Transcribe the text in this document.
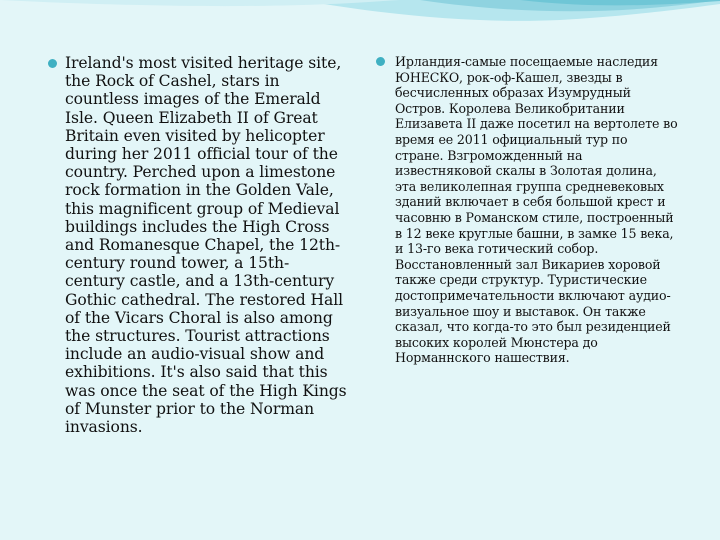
Ireland's most visited heritage site, the Rock of Cashel, stars in countless images of the Emerald Isle. Queen Elizabeth II of Great Britain even visited by helicopter during her 2011 official tour of the country. Perched upon a limestone rock formation in the Golden Vale, this magnificent group of Medieval buildings includes the High Cross and Romanesque Chapel, the 12th-century round tower, a 15th-century castle, and a 13th-century Gothic cathedral. The restored Hall of the Vicars Choral is also among the structures. Tourist attractions include an audio-visual show and exhibitions. It's also said that this was once the seat of the High Kings of Munster prior to the Norman invasions.
Ирландия-самые посещаемые наследия ЮНЕСКО, рок-оф-Кашел, звезды в бесчисленных образах Изумрудный Остров. Королева Великобритании Елизавета II даже посетил на вертолете во время ее 2011 официальный тур по стране. Взгроможденный на известняковой скалы в Золотая долина, эта великолепная группа средневековых зданий включает в себя большой крест и часовню в Романском стиле, построенный в 12 веке круглые башни, в замке 15 века, и 13-го века готический собор. Восстановленный зал Викариев хоровой также среди структур. Туристические достопримечательности включают аудио-визуальное шоу и выставок. Он также сказал, что когда-то это был резиденцией высоких королей Мюнстера до Норманнского нашествия.
